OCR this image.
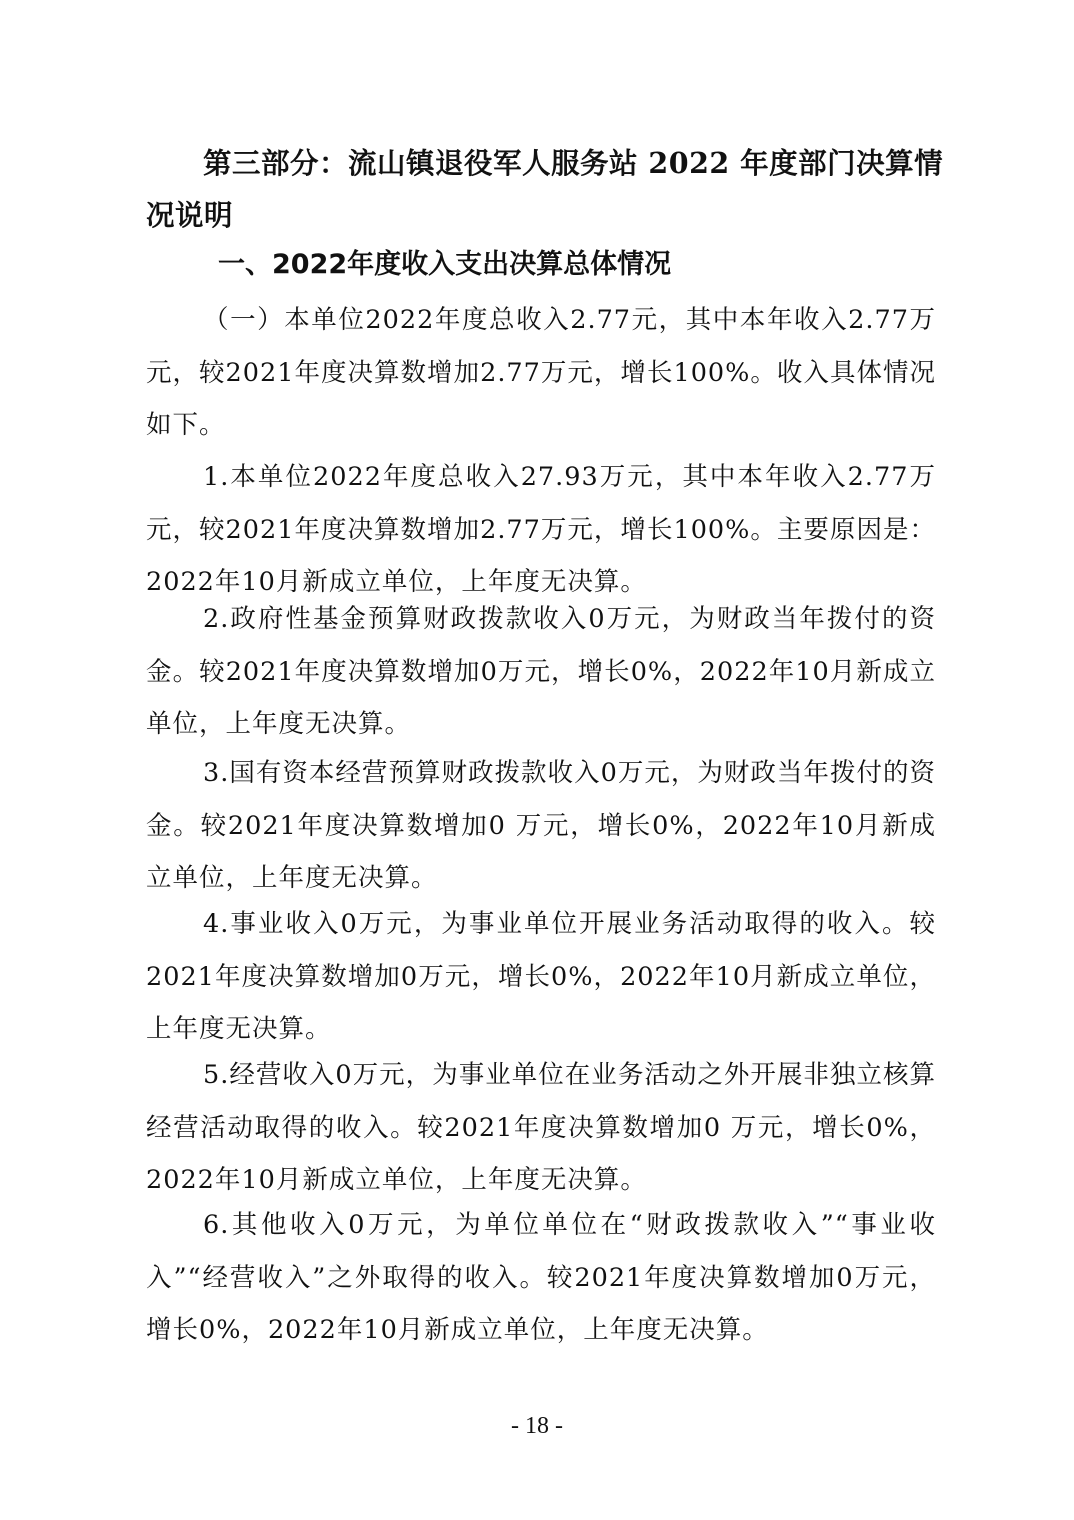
第三部分：流山镇退役军人服务站 2022 年度部门决算情况说明

一、2022年度收入支出决算总体情况

（一）本单位2022年度总收入2.77元，其中本年收入2.77万元，较2021年度决算数增加2.77万元，增长100%。收入具体情况如下。

1.本单位2022年度总收入27.93万元，其中本年收入2.77万元，较2021年度决算数增加2.77万元，增长100%。主要原因是：2022年10月新成立单位，上年度无决算。

2.政府性基金预算财政拨款收入0万元，为财政当年拨付的资金。较2021年度决算数增加0万元，增长0%，2022年10月新成立单位，上年度无决算。

3.国有资本经营预算财政拨款收入0万元，为财政当年拨付的资金。较2021年度决算数增加0 万元，增长0%，2022年10月新成立单位，上年度无决算。

4.事业收入0万元，为事业单位开展业务活动取得的收入。较2021年度决算数增加0万元，增长0%，2022年10月新成立单位，上年度无决算。

5.经营收入0万元，为事业单位在业务活动之外开展非独立核算经营活动取得的收入。较2021年度决算数增加0 万元，增长0%，2022年10月新成立单位，上年度无决算。

6.其他收入0万元，为单位单位在“财政拨款收入”“事业收入”“经营收入”之外取得的收入。较2021年度决算数增加0万元，增长0%，2022年10月新成立单位，上年度无决算。

- 18 -
